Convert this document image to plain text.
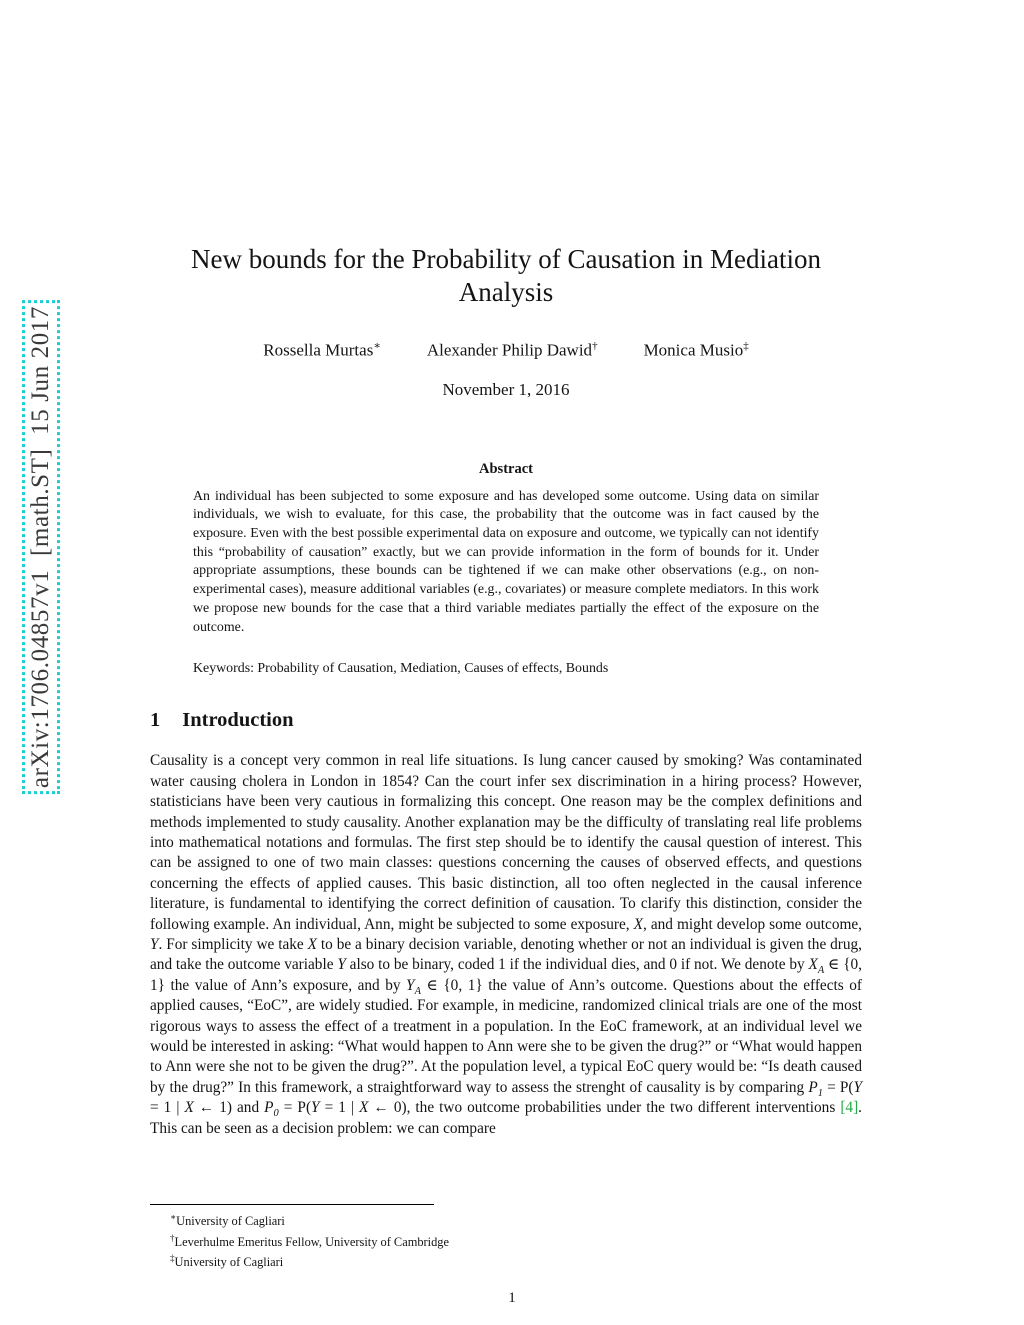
arXiv:1706.04857v1  [math.ST]  15 Jun 2017
New bounds for the Probability of Causation in Mediation Analysis
Rossella Murtas∗	Alexander Philip Dawid†	Monica Musio‡
November 1, 2016
Abstract
An individual has been subjected to some exposure and has developed some outcome. Using data on similar individuals, we wish to evaluate, for this case, the probability that the outcome was in fact caused by the exposure. Even with the best possible experimental data on exposure and outcome, we typically can not identify this “probability of causation” exactly, but we can provide information in the form of bounds for it. Under appropriate assumptions, these bounds can be tightened if we can make other observations (e.g., on non-experimental cases), measure additional variables (e.g., covariates) or measure complete mediators. In this work we propose new bounds for the case that a third variable mediates partially the effect of the exposure on the outcome.
Keywords: Probability of Causation, Mediation, Causes of effects, Bounds
1 Introduction

Causality is a concept very common in real life situations. Is lung cancer caused by smoking? Was contaminated water causing cholera in London in 1854? Can the court infer sex discrimination in a hiring process? However, statisticians have been very cautious in formalizing this concept. One reason may be the complex definitions and methods implemented to study causality. Another explanation may be the difficulty of translating real life problems into mathematical notations and formulas. The first step should be to identify the causal question of interest. This can be assigned to one of two main classes: questions concerning the causes of observed effects, and questions concerning the effects of applied causes. This basic distinction, all too often neglected in the causal inference literature, is fundamental to identifying the correct definition of causation. To clarify this distinction, consider the following example. An individual, Ann, might be subjected to some exposure, X, and might develop some outcome, Y. For simplicity we take X to be a binary decision variable, denoting whether or not an individual is given the drug, and take the outcome variable Y also to be binary, coded 1 if the individual dies, and 0 if not. We denote by $X_A$ ∈ {0, 1} the value of Ann’s exposure, and by $Y_A$ ∈ {0, 1} the value of Ann’s outcome. Questions about the effects of applied causes, “EoC”, are widely studied. For example, in medicine, randomized clinical trials are one of the most rigorous ways to assess the effect of a treatment in a population. In the EoC framework, at an individual level we would be interested in asking: “What would happen to Ann were she to be given the drug?” or “What would happen to Ann were she not to be given the drug?”. At the population level, a typical EoC query would be: “Is death caused by the drug?” In this framework, a straightforward way to assess the strenght of causality is by comparing $P_1 = P(Y = 1$ | X ← 1) and $P_0 = P(Y = 1$ | X ← 0), the two outcome probabilities under the two different interventions [4]. This can be seen as a decision problem: we can compare

∗University of Cagliari
†Leverhulme Emeritus Fellow, University of Cambridge
‡University of Cagliari
1
